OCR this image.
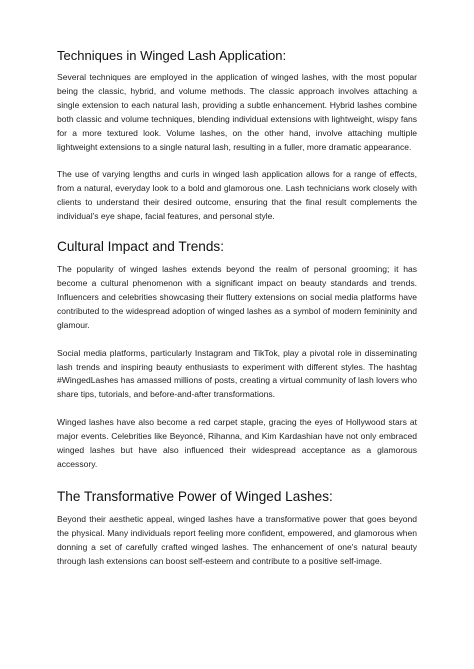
Techniques in Winged Lash Application:

Several techniques are employed in the application of winged lashes, with the most popular being the classic, hybrid, and volume methods. The classic approach involves attaching a single extension to each natural lash, providing a subtle enhancement. Hybrid lashes combine both classic and volume techniques, blending individual extensions with lightweight, wispy fans for a more textured look. Volume lashes, on the other hand, involve attaching multiple lightweight extensions to a single natural lash, resulting in a fuller, more dramatic appearance.

The use of varying lengths and curls in winged lash application allows for a range of effects, from a natural, everyday look to a bold and glamorous one. Lash technicians work closely with clients to understand their desired outcome, ensuring that the final result complements the individual's eye shape, facial features, and personal style.

Cultural Impact and Trends:

The popularity of winged lashes extends beyond the realm of personal grooming; it has become a cultural phenomenon with a significant impact on beauty standards and trends. Influencers and celebrities showcasing their fluttery extensions on social media platforms have contributed to the widespread adoption of winged lashes as a symbol of modern femininity and glamour.

Social media platforms, particularly Instagram and TikTok, play a pivotal role in disseminating lash trends and inspiring beauty enthusiasts to experiment with different styles. The hashtag #WingedLashes has amassed millions of posts, creating a virtual community of lash lovers who share tips, tutorials, and before-and-after transformations.

Winged lashes have also become a red carpet staple, gracing the eyes of Hollywood stars at major events. Celebrities like Beyoncé, Rihanna, and Kim Kardashian have not only embraced winged lashes but have also influenced their widespread acceptance as a glamorous accessory.

The Transformative Power of Winged Lashes:

Beyond their aesthetic appeal, winged lashes have a transformative power that goes beyond the physical. Many individuals report feeling more confident, empowered, and glamorous when donning a set of carefully crafted winged lashes. The enhancement of one's natural beauty through lash extensions can boost self-esteem and contribute to a positive self-image.
